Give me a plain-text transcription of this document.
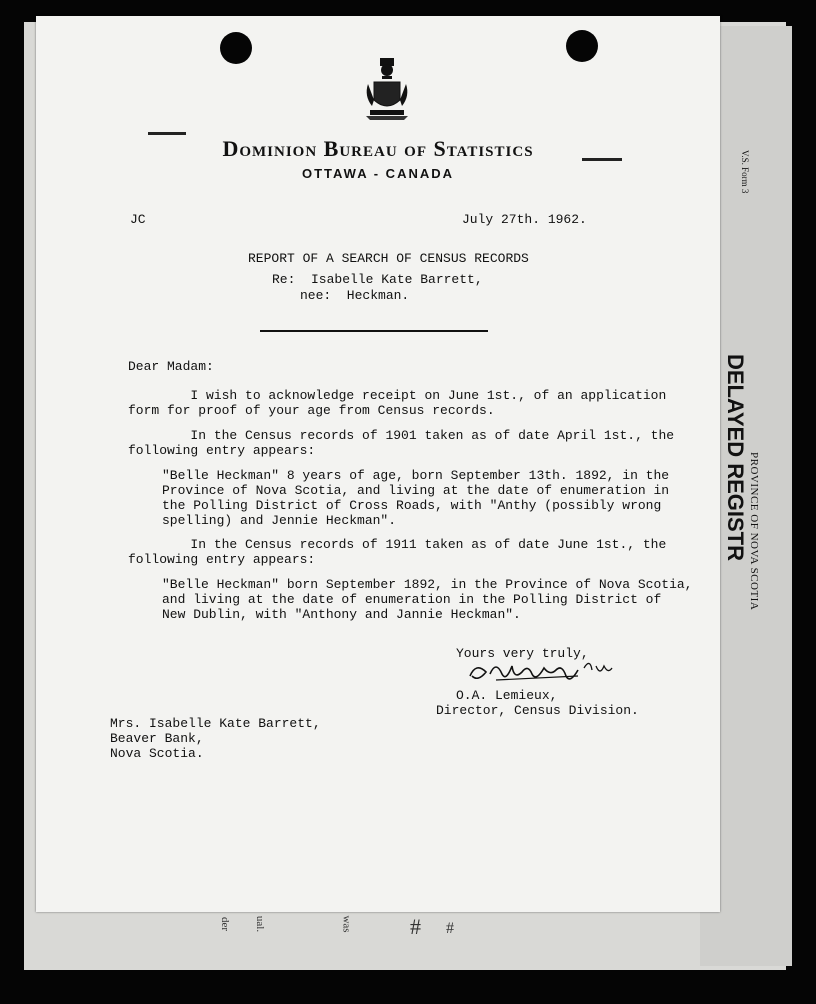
V.S. Form 3
DELAYED REGISTR PROVINCE OF NOVA SCOTIA
der ual.	was	# #
Dominion Bureau of Statistics
OTTAWA - CANADA
JC	July 27th. 1962.
REPORT OF A SEARCH OF CENSUS RECORDS
Re:  Isabelle Kate Barrett,
nee:  Heckman.
Dear Madam:
I wish to acknowledge receipt on June 1st., of an application
form for proof of your age from Census records.
In the Census records of 1901 taken as of date April 1st., the
following entry appears:
"Belle Heckman" 8 years of age, born September 13th. 1892, in the
Province of Nova Scotia, and living at the date of enumeration in
the Polling District of Cross Roads, with "Anthy (possibly wrong
spelling) and Jennie Heckman".
In the Census records of 1911 taken as of date June 1st., the
following entry appears:
"Belle Heckman" born September 1892, in the Province of Nova Scotia,
and living at the date of enumeration in the Polling District of
New Dublin, with "Anthony and Jannie Heckman".
Yours very truly,
O.A. Lemieux,
Director, Census Division.
Mrs. Isabelle Kate Barrett,
Beaver Bank,
Nova Scotia.
